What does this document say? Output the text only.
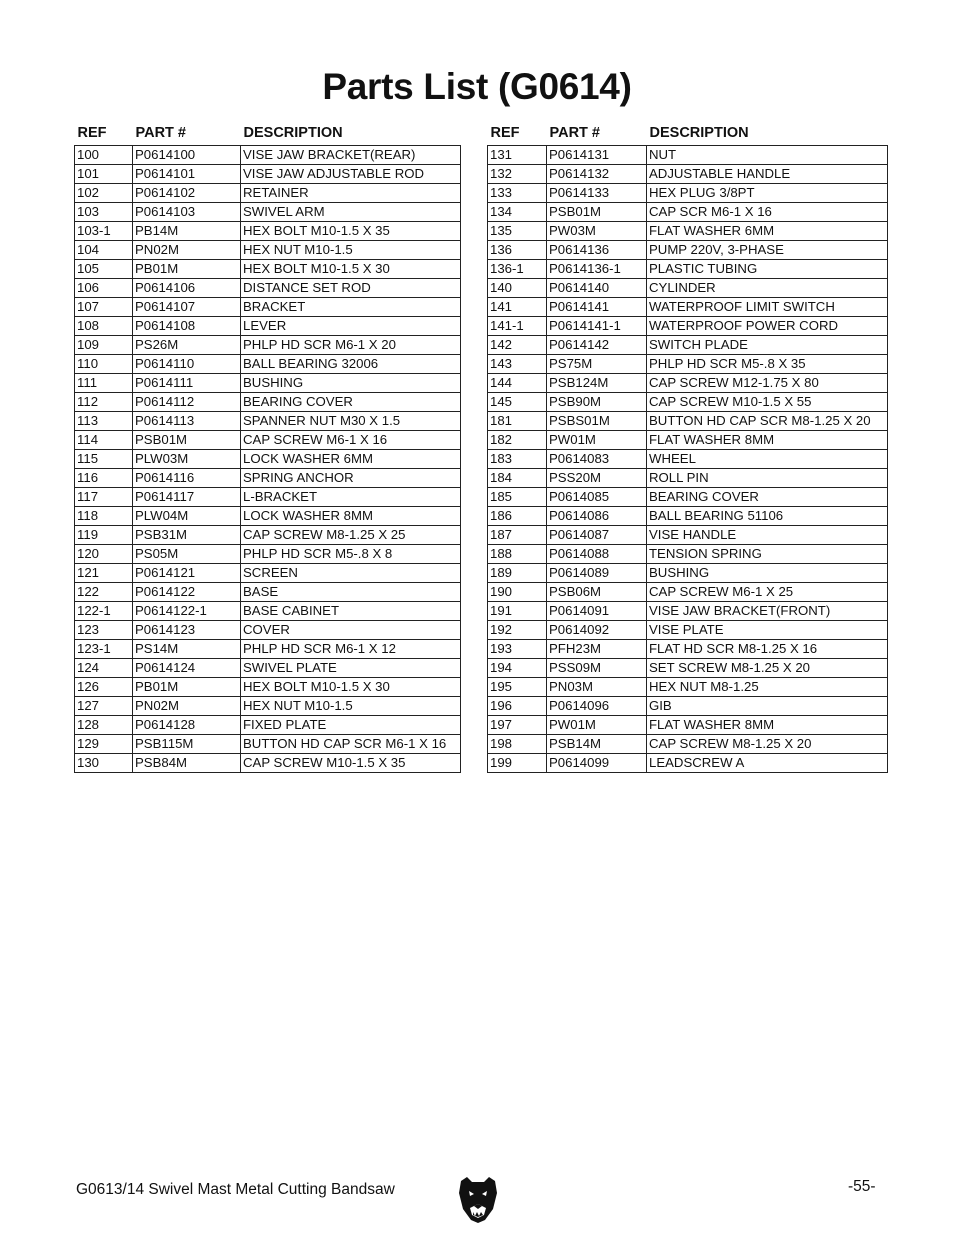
Parts List (G0614)
REF	PART #	DESCRIPTION
100	P0614100	VISE JAW BRACKET(REAR)
101	P0614101	VISE JAW ADJUSTABLE ROD
102	P0614102	RETAINER
103	P0614103	SWIVEL ARM
103-1	PB14M	HEX BOLT M10-1.5 X 35
104	PN02M	HEX NUT M10-1.5
105	PB01M	HEX BOLT M10-1.5 X 30
106	P0614106	DISTANCE SET ROD
107	P0614107	BRACKET
108	P0614108	LEVER
109	PS26M	PHLP HD SCR M6-1 X 20
110	P0614110	BALL BEARING 32006
111	P0614111	BUSHING
112	P0614112	BEARING COVER
113	P0614113	SPANNER NUT M30 X 1.5
114	PSB01M	CAP SCREW M6-1 X 16
115	PLW03M	LOCK WASHER 6MM
116	P0614116	SPRING ANCHOR
117	P0614117	L-BRACKET
118	PLW04M	LOCK WASHER 8MM
119	PSB31M	CAP SCREW M8-1.25 X 25
120	PS05M	PHLP HD SCR M5-.8 X 8
121	P0614121	SCREEN
122	P0614122	BASE
122-1	P0614122-1	BASE CABINET
123	P0614123	COVER
123-1	PS14M	PHLP HD SCR M6-1 X 12
124	P0614124	SWIVEL PLATE
126	PB01M	HEX BOLT M10-1.5 X 30
127	PN02M	HEX NUT M10-1.5
128	P0614128	FIXED PLATE
129	PSB115M	BUTTON HD CAP SCR M6-1 X 16
130	PSB84M	CAP SCREW M10-1.5 X 35
REF	PART #	DESCRIPTION
131	P0614131	NUT
132	P0614132	ADJUSTABLE HANDLE
133	P0614133	HEX PLUG 3/8PT
134	PSB01M	CAP SCR M6-1 X 16
135	PW03M	FLAT WASHER 6MM
136	P0614136	PUMP 220V, 3-PHASE
136-1	P0614136-1	PLASTIC TUBING
140	P0614140	CYLINDER
141	P0614141	WATERPROOF LIMIT SWITCH
141-1	P0614141-1	WATERPROOF POWER CORD
142	P0614142	SWITCH PLADE
143	PS75M	PHLP HD SCR M5-.8 X 35
144	PSB124M	CAP SCREW M12-1.75 X 80
145	PSB90M	CAP SCREW M10-1.5 X 55
181	PSBS01M	BUTTON HD CAP SCR M8-1.25 X 20
182	PW01M	FLAT WASHER 8MM
183	P0614083	WHEEL
184	PSS20M	ROLL PIN
185	P0614085	BEARING COVER
186	P0614086	BALL BEARING 51106
187	P0614087	VISE HANDLE
188	P0614088	TENSION SPRING
189	P0614089	BUSHING
190	PSB06M	CAP SCREW M6-1 X 25
191	P0614091	VISE JAW BRACKET(FRONT)
192	P0614092	VISE PLATE
193	PFH23M	FLAT HD SCR M8-1.25 X 16
194	PSS09M	SET SCREW M8-1.25 X 20
195	PN03M	HEX NUT M8-1.25
196	P0614096	GIB
197	PW01M	FLAT WASHER 8MM
198	PSB14M	CAP SCREW M8-1.25 X 20
199	P0614099	LEADSCREW A
G0613/14 Swivel Mast Metal Cutting Bandsaw	-55-
